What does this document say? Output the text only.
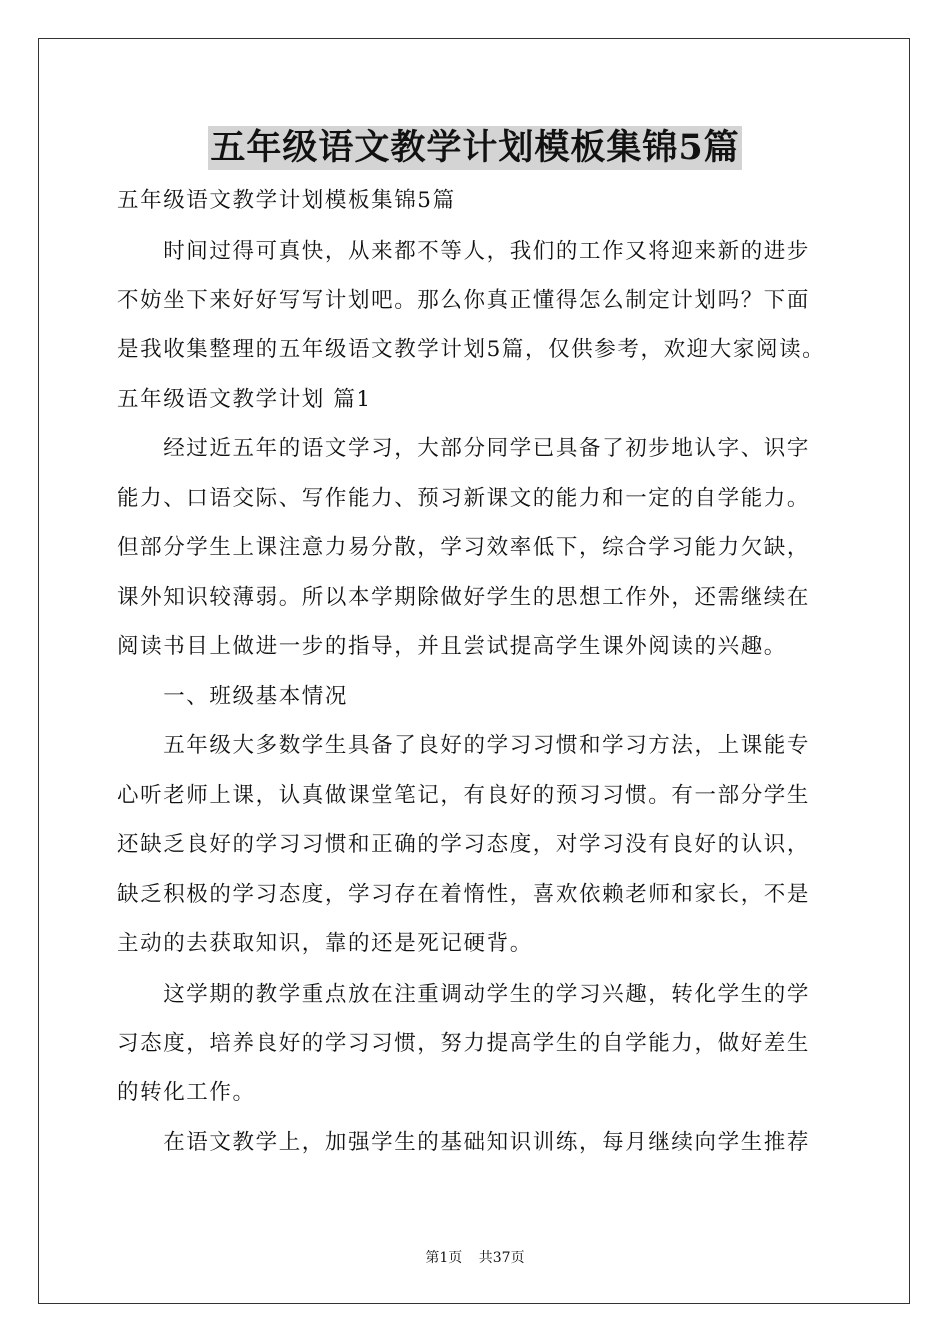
五年级语文教学计划模板集锦5篇
五年级语文教学计划模板集锦5篇
　　时间过得可真快，从来都不等人，我们的工作又将迎来新的进步
不妨坐下来好好写写计划吧。那么你真正懂得怎么制定计划吗？下面
是我收集整理的五年级语文教学计划5篇，仅供参考，欢迎大家阅读。
五年级语文教学计划 篇1
　　经过近五年的语文学习，大部分同学已具备了初步地认字、识字
能力、口语交际、写作能力、预习新课文的能力和一定的自学能力。
但部分学生上课注意力易分散，学习效率低下，综合学习能力欠缺，
课外知识较薄弱。所以本学期除做好学生的思想工作外，还需继续在
阅读书目上做进一步的指导，并且尝试提高学生课外阅读的兴趣。
　　一、班级基本情况
　　五年级大多数学生具备了良好的学习习惯和学习方法，上课能专
心听老师上课，认真做课堂笔记，有良好的预习习惯。有一部分学生
还缺乏良好的学习习惯和正确的学习态度，对学习没有良好的认识，
缺乏积极的学习态度，学习存在着惰性，喜欢依赖老师和家长，不是
主动的去获取知识，靠的还是死记硬背。
　　这学期的教学重点放在注重调动学生的学习兴趣，转化学生的学
习态度，培养良好的学习习惯，努力提高学生的自学能力，做好差生
的转化工作。
　　在语文教学上，加强学生的基础知识训练，每月继续向学生推荐
第1页 共37页
